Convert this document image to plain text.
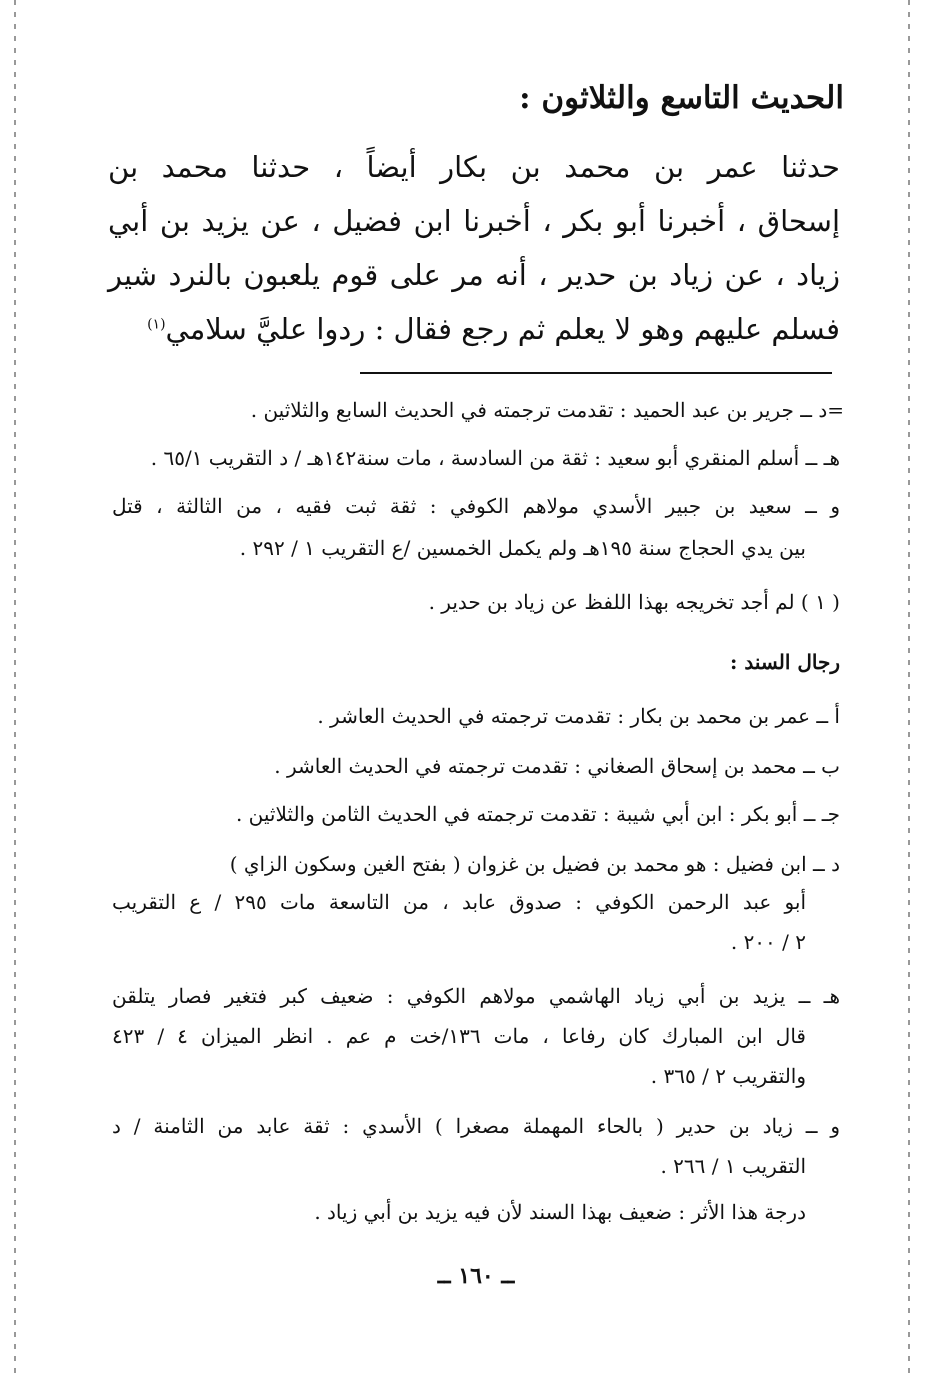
الحديث التاسع والثلاثون :
حدثنا عمر بن محمد بن بكار أيضاً ، حدثنا محمد بن
إسحاق ، أخبرنا أبو بكر ، أخبرنا ابن فضيل ، عن يزيد بن أبي
زياد ، عن زياد بن حدير ، أنه مر على قوم يلعبون بالنرد شير
فسلم عليهم وهو لا يعلم ثم رجع فقال : ردوا عليَّ سلامي$^{(١)}$
=د ــ جرير بن عبد الحميد : تقدمت ترجمته في الحديث السابع والثلاثين .
هـ ــ أسلم المنقري أبو سعيد : ثقة من السادسة ، مات سنة١٤٢هـ / د التقريب ٦٥/١ .
و ــ سعيد بن جبير الأسدي مولاهم الكوفي : ثقة ثبت فقيه ، من الثالثة ، قتل
بين يدي الحجاج سنة ١٩٥هـ ولم يكمل الخمسين /ع التقريب ١ / ٢٩٢ .
( ١ ) لم أجد تخريجه بهذا اللفظ عن زياد بن حدير .
رجال السند :
أ ــ عمر بن محمد بن بكار : تقدمت ترجمته في الحديث العاشر .
ب ــ محمد بن إسحاق الصغاني : تقدمت ترجمته في الحديث العاشر .
جـ ــ أبو بكر : ابن أبي شيبة : تقدمت ترجمته في الحديث الثامن والثلاثين .
د ــ ابن فضيل : هو محمد بن فضيل بن غزوان ( بفتح الغين وسكون الزاي )
أبو عبد الرحمن الكوفي : صدوق عابد ، من التاسعة مات ٢٩٥ / ع التقريب
٢ / ٢٠٠ .
هـ ــ يزيد بن أبي زياد الهاشمي مولاهم الكوفي : ضعيف كبر فتغير فصار يتلقن
قال ابن المبارك كان رفاعا ، مات ١٣٦/خت م عم . انظر الميزان ٤ / ٤٢٣
والتقريب ٢ / ٣٦٥ .
و ــ زياد بن حدير ( بالحاء المهملة مصغرا ) الأسدي : ثقة عابد من الثامنة / د
التقريب ١ / ٢٦٦ .
درجة هذا الأثر : ضعيف بهذا السند لأن فيه يزيد بن أبي زياد .
ــ ١٦٠ ــ
